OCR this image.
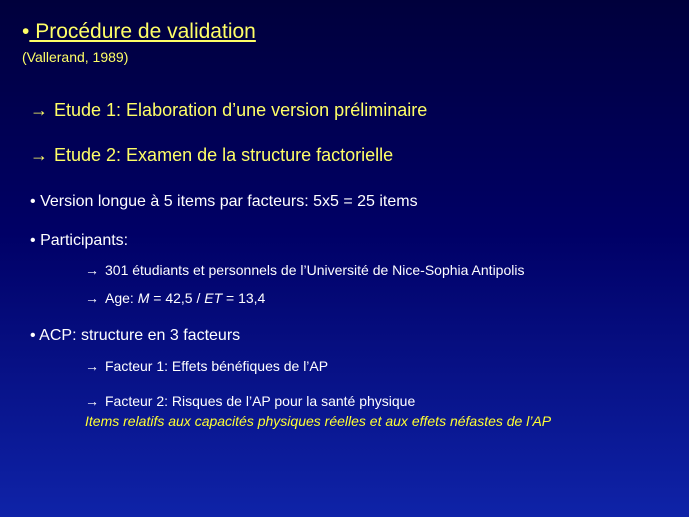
• Procédure de validation
(Vallerand, 1989)
→ Etude 1: Elaboration d’une version préliminaire
→ Etude 2: Examen de la structure factorielle
• Version longue à 5 items par facteurs: 5x5 = 25 items
• Participants:
→ 301 étudiants et personnels de l’Université de Nice-Sophia Antipolis
→ Age: M = 42,5 / ET = 13,4
• ACP: structure en 3 facteurs
→ Facteur 1: Effets bénéfiques de l’AP
→ Facteur 2: Risques de l’AP pour la santé physique
Items relatifs aux capacités physiques réelles et aux effets néfastes de l’AP
